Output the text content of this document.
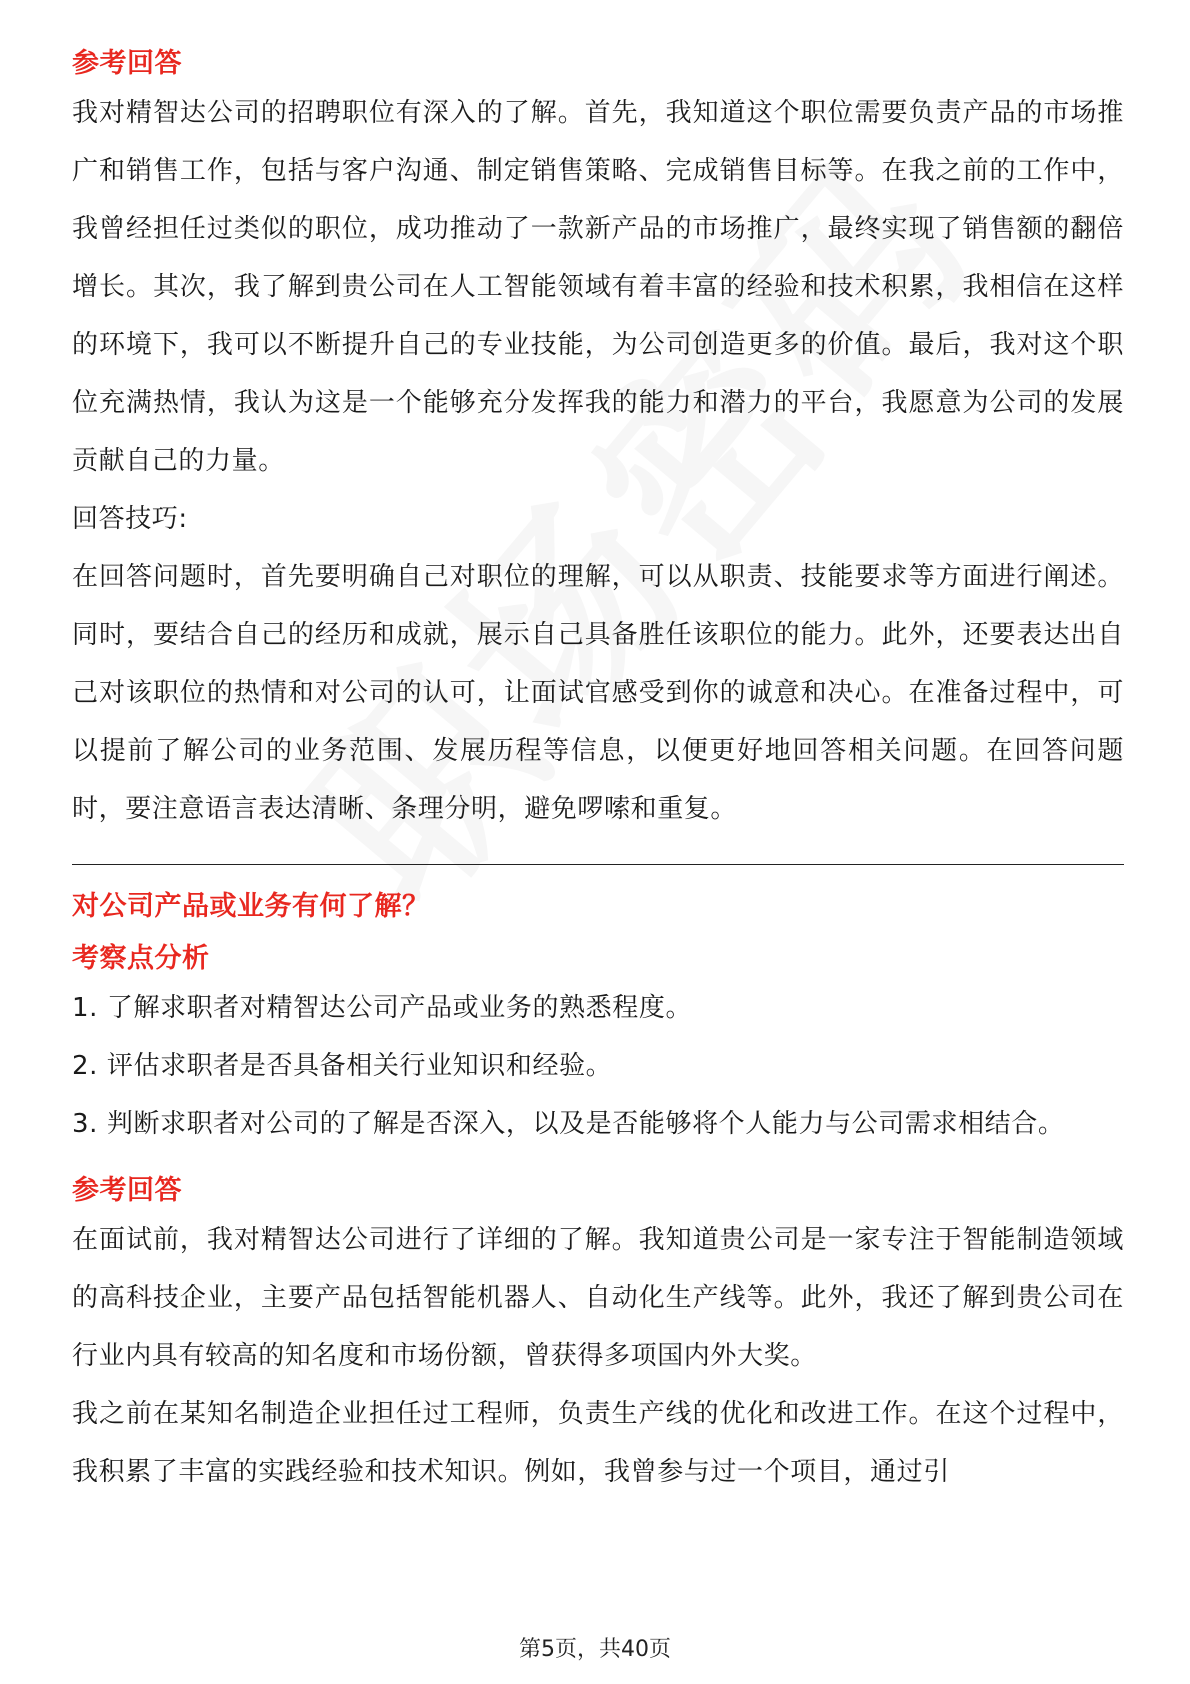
参考回答

我对精智达公司的招聘职位有深入的了解。首先，我知道这个职位需要负责产品的市场推广和销售工作，包括与客户沟通、制定销售策略、完成销售目标等。在我之前的工作中，我曾经担任过类似的职位，成功推动了一款新产品的市场推广，最终实现了销售额的翻倍增长。其次，我了解到贵公司在人工智能领域有着丰富的经验和技术积累，我相信在这样的环境下，我可以不断提升自己的专业技能，为公司创造更多的价值。最后，我对这个职位充满热情，我认为这是一个能够充分发挥我的能力和潜力的平台，我愿意为公司的发展贡献自己的力量。

回答技巧:

在回答问题时，首先要明确自己对职位的理解，可以从职责、技能要求等方面进行阐述。同时，要结合自己的经历和成就，展示自己具备胜任该职位的能力。此外，还要表达出自己对该职位的热情和对公司的认可，让面试官感受到你的诚意和决心。在准备过程中，可以提前了解公司的业务范围、发展历程等信息，以便更好地回答相关问题。在回答问题时，要注意语言表达清晰、条理分明，避免啰嗦和重复。

对公司产品或业务有何了解？

考察点分析

1. 了解求职者对精智达公司产品或业务的熟悉程度。

2. 评估求职者是否具备相关行业知识和经验。

3. 判断求职者对公司的了解是否深入，以及是否能够将个人能力与公司需求相结合。

参考回答

在面试前，我对精智达公司进行了详细的了解。我知道贵公司是一家专注于智能制造领域的高科技企业，主要产品包括智能机器人、自动化生产线等。此外，我还了解到贵公司在行业内具有较高的知名度和市场份额，曾获得多项国内外大奖。

我之前在某知名制造企业担任过工程师，负责生产线的优化和改进工作。在这个过程中，我积累了丰富的实践经验和技术知识。例如，我曾参与过一个项目，通过引

第5页，共40页
